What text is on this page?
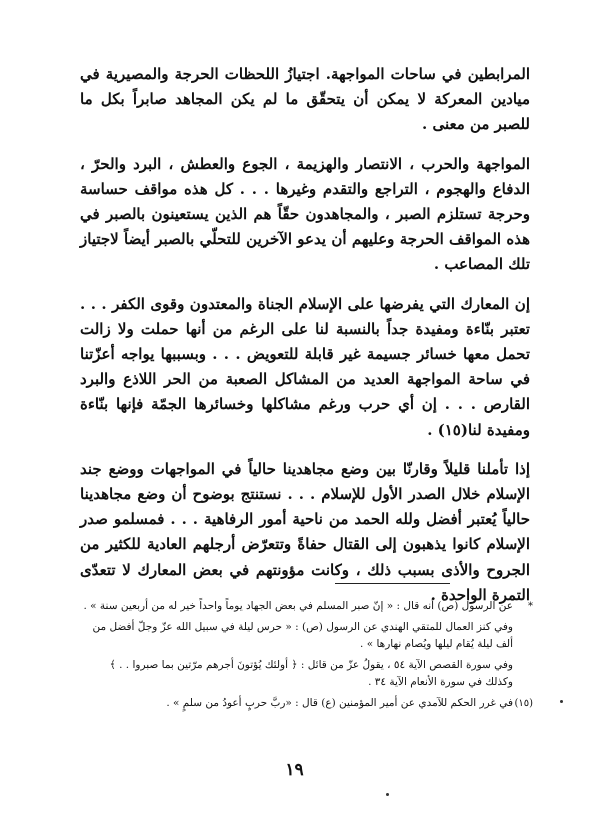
المرابطين في ساحات المواجهة. اجتيازُ اللحظات الحرجة والمصيرية في ميادين المعركة لا يمكن أن يتحقّق ما لم يكن المجاهد صابراً بكل ما للصبر من معنى .

المواجهة والحرب ، الانتصار والهزيمة ، الجوع والعطش ، البرد والحرّ ، الدفاع والهجوم ، التراجع والتقدم وغيرها . . . كل هذه مواقف حساسة وحرجة تستلزم الصبر ، والمجاهدون حقّاً هم الذين يستعينون بالصبر في هذه المواقف الحرجة وعليهم أن يدعو الآخرين للتحلّي بالصبر أيضاً لاجتياز تلك المصاعب .

إن المعارك التي يفرضها على الإسلام الجناة والمعتدون وقوى الكفر . . . تعتبر بنّاءة ومفيدة جداً بالنسبة لنا على الرغم من أنها حملت ولا زالت تحمل معها خسائر جسيمة غير قابلة للتعويض . . . وبسببها يواجه أعزّتنا في ساحة المواجهة العديد من المشاكل الصعبة من الحر اللاذع والبرد القارص . . . إن أي حرب ورغم مشاكلها وخسائرها الجمّة فإنها بنّاءة ومفيدة لنا(١٥) .

إذا تأملنا قليلاً وقارنّا بين وضع مجاهدينا حالياً في المواجهات ووضع جند الإسلام خلال الصدر الأول للإسلام . . . نستنتج بوضوح أن وضع مجاهدينا حالياً يُعتبر أفضل ولله الحمد من ناحية أمور الرفاهية . . . فمسلمو صدر الإسلام كانوا يذهبون إلى القتال حفاةً وتتعرّض أرجلهم العادية للكثير من الجروح والأذى بسبب ذلك ، وكانت مؤونتهم في بعض المعارك لا تتعدّى التمرة الواحدة .

*
عن الرسول (ص) أنه قال : « إنّ صبر المسلم في بعض الجهاد يوماً واحداً خير له من أربعين سنة » .
وفي كنز العمال للمتقي الهندي عن الرسول (ص) : « حرس ليلة في سبيل الله عزّ وجلّ أفضل من ألف ليلة يُقام ليلها ويُصام نهارها » .
وفي سورة القصص الآية ٥٤ ، يقولُ عزّ من قائل : ﴿ أولئك يُؤتونَ أجرهم مرّتين بما صبروا . . ﴾ وكذلك في سورة الأنعام الآية ٣٤ .
(١٥)
في غرر الحكم للآمدي عن أمير المؤمنين (ع) قال : «ربَّ حربٍ أعودُ من سلمٍ » .
١٩
